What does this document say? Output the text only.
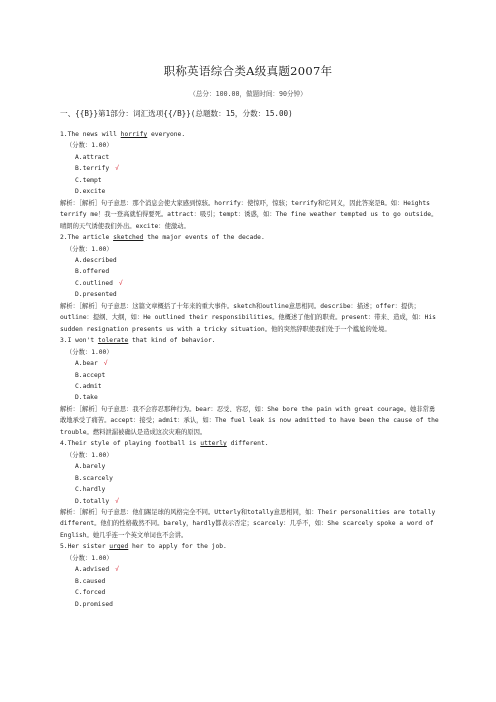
职称英语综合类A级真题2007年
（总分：100.00，做题时间：90分钟）
一、{{B}}第1部分：词汇选项{{/B}}(总题数：15，分数：15.00)
1.The news will horrify everyone.
（分数：1.00）
A.attract
B.terrify √
C.tempt
D.excite
解析：［解析］句子意思：那个消息会使大家感到惊骇。horrify：使惊吓，惊骇；terrify和它同义，因此答案是B。如：Heights terrify me！我一登高就怕得要死。attract：吸引；tempt：诱惑，如：The fine weather tempted us to go outside。晴朗的天气诱使我们外出。excite：使激动。
2.The article sketched the major events of the decade.
（分数：1.00）
A.described
B.offered
C.outlined √
D.presented
解析：［解析］句子意思：这篇文章概括了十年来的重大事件。sketch和outline意思相同。describe：描述；offer：提供；outline：提纲、大纲，如：He outlined their responsibilities。他概述了他们的职责。present：带来、造成，如：His sudden resignation presents us with a tricky situation。他的突然辞职使我们处于一个尴尬的处境。
3.I won't tolerate that kind of behavior.
（分数：1.00）
A.bear √
B.accept
C.admit
D.take
解析：［解析］句子意思：我不会容忍那种行为。bear：忍受、容忍，如：She bore the pain with great courage。她非常勇敢地承受了痛苦。accept：接受；admit：承认，如：The fuel leak is now admitted to have been the cause of the trouble。燃料泄漏被确认是造成这次灾难的原因。
4.Their style of playing football is utterly different.
（分数：1.00）
A.barely
B.scarcely
C.hardly
D.totally √
解析：［解析］句子意思：他们踢足球的风格完全不同。Utterly和totally意思相同，如：Their personalities are totally different。他们的性格截然不同。barely，hardly都表示否定；scarcely：几乎不，如：She scarcely spoke a word of English。她几乎连一个英文单词也不会讲。
5.Her sister urged her to apply for the job.
（分数：1.00）
A.advised √
B.caused
C.forced
D.promised
